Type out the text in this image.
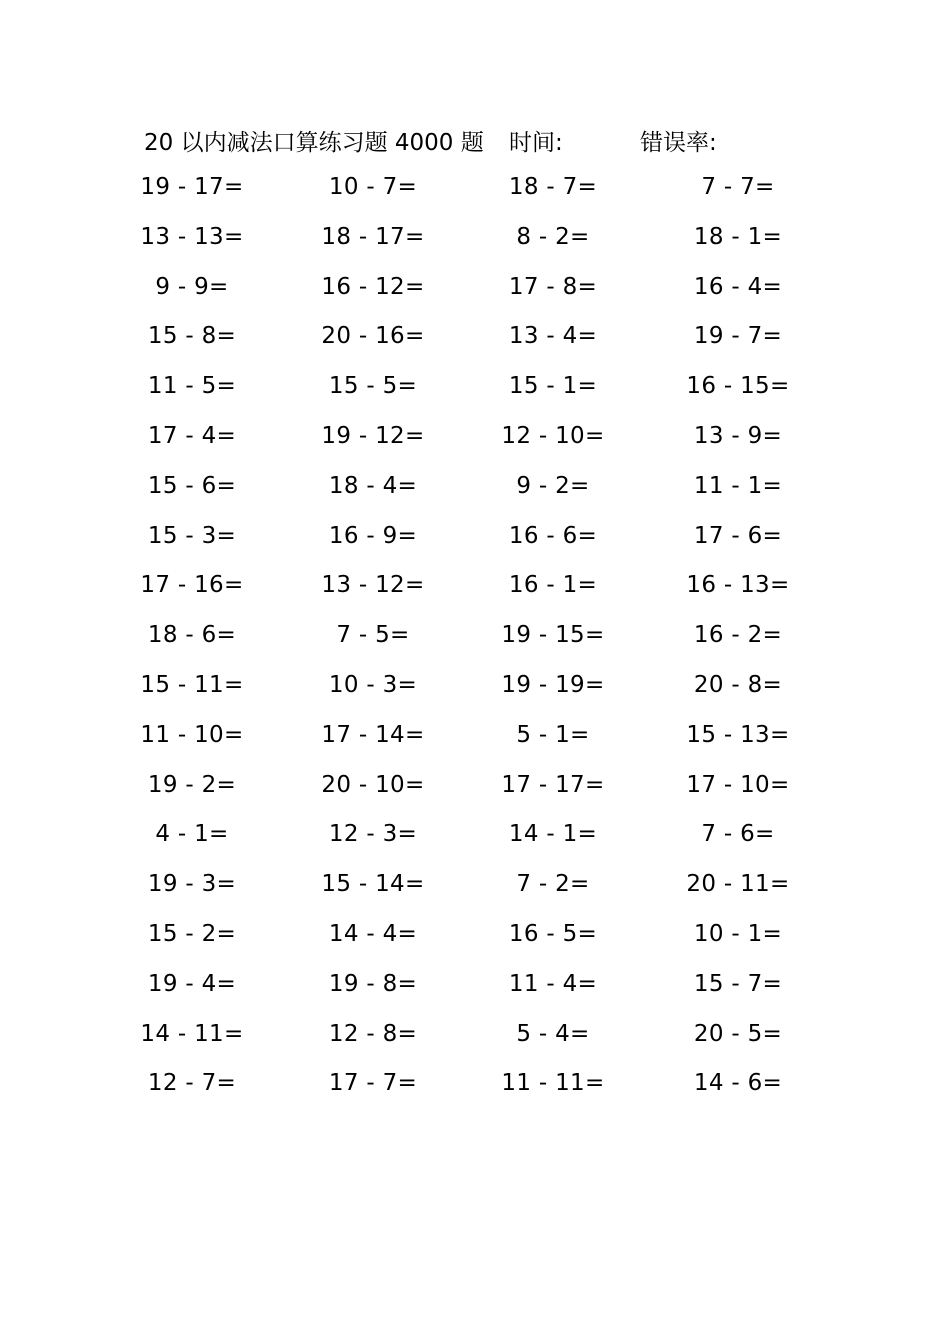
20 以内减法口算练习题 4000 题 时间:	错误率:
19 - 17=	10 - 7=	18 - 7=	7 - 7=
13 - 13=	18 - 17=	8 - 2=	18 - 1=
9 - 9=	16 - 12=	17 - 8=	16 - 4=
15 - 8=	20 - 16=	13 - 4=	19 - 7=
11 - 5=	15 - 5=	15 - 1=	16 - 15=
17 - 4=	19 - 12=	12 - 10=	13 - 9=
15 - 6=	18 - 4=	9 - 2=	11 - 1=
15 - 3=	16 - 9=	16 - 6=	17 - 6=
17 - 16=	13 - 12=	16 - 1=	16 - 13=
18 - 6=	7 - 5=	19 - 15=	16 - 2=
15 - 11=	10 - 3=	19 - 19=	20 - 8=
11 - 10=	17 - 14=	5 - 1=	15 - 13=
19 - 2=	20 - 10=	17 - 17=	17 - 10=
4 - 1=	12 - 3=	14 - 1=	7 - 6=
19 - 3=	15 - 14=	7 - 2=	20 - 11=
15 - 2=	14 - 4=	16 - 5=	10 - 1=
19 - 4=	19 - 8=	11 - 4=	15 - 7=
14 - 11=	12 - 8=	5 - 4=	20 - 5=
12 - 7=	17 - 7=	11 - 11=	14 - 6=
